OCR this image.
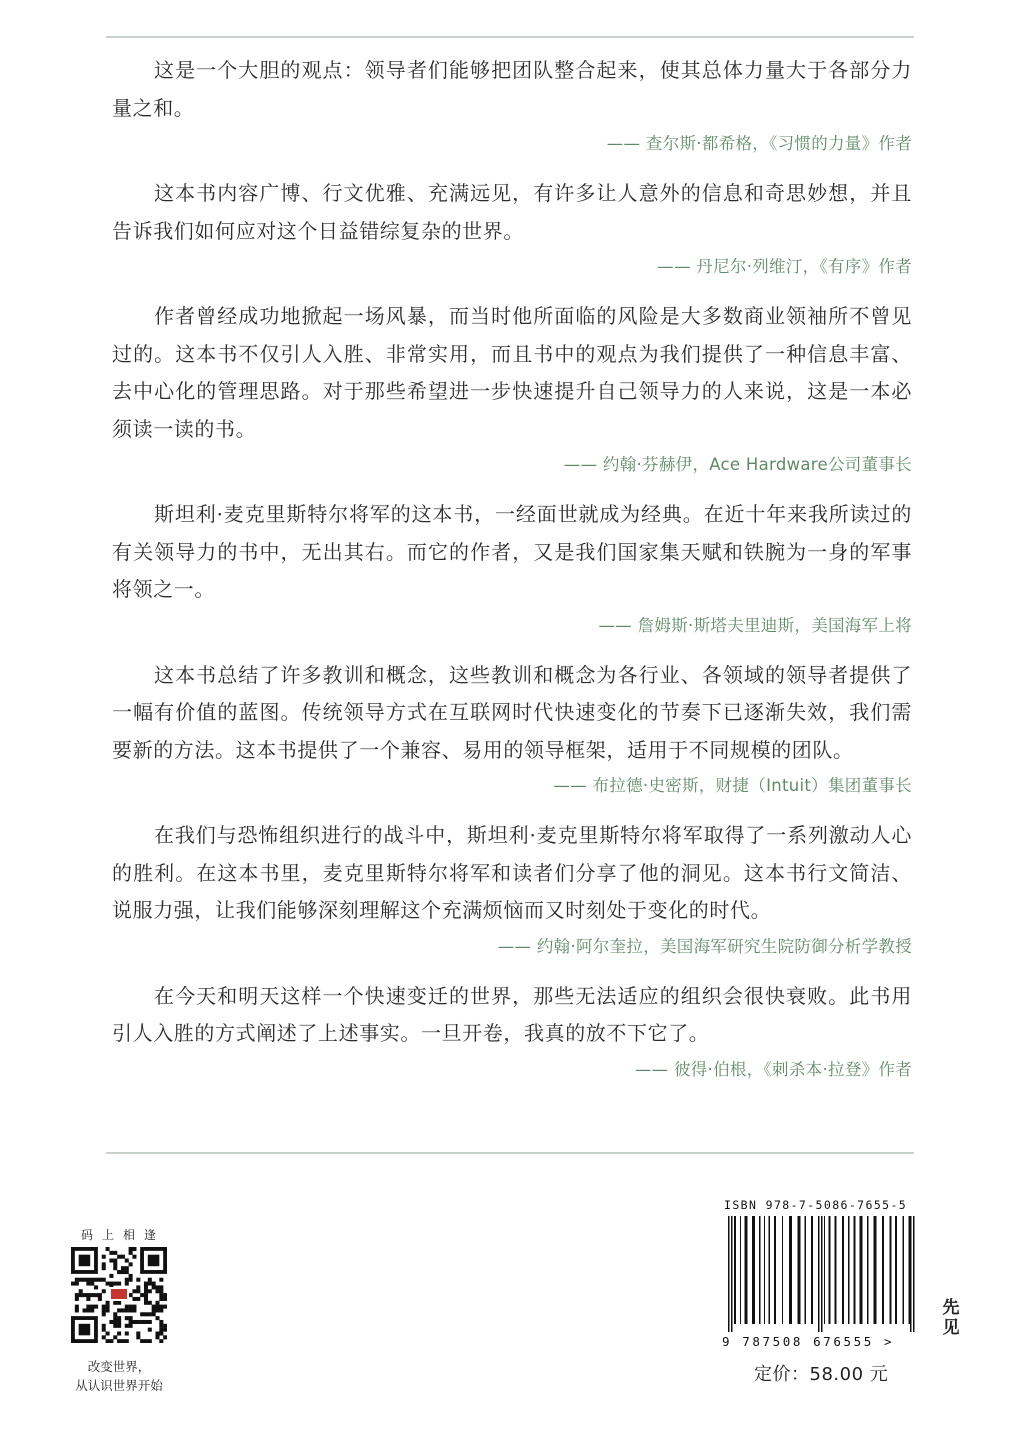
这是一个大胆的观点：领导者们能够把团队整合起来，使其总体力量大于各部分力量之和。

—— 查尔斯·都希格，《习惯的力量》作者

这本书内容广博、行文优雅、充满远见，有许多让人意外的信息和奇思妙想，并且告诉我们如何应对这个日益错综复杂的世界。

—— 丹尼尔·列维汀，《有序》作者

作者曾经成功地掀起一场风暴，而当时他所面临的风险是大多数商业领袖所不曾见过的。这本书不仅引人入胜、非常实用，而且书中的观点为我们提供了一种信息丰富、去中心化的管理思路。对于那些希望进一步快速提升自己领导力的人来说，这是一本必须读一读的书。

—— 约翰·芬赫伊，Ace Hardware公司董事长

斯坦利·麦克里斯特尔将军的这本书，一经面世就成为经典。在近十年来我所读过的有关领导力的书中，无出其右。而它的作者，又是我们国家集天赋和铁腕为一身的军事将领之一。

—— 詹姆斯·斯塔夫里迪斯，美国海军上将

这本书总结了许多教训和概念，这些教训和概念为各行业、各领域的领导者提供了一幅有价值的蓝图。传统领导方式在互联网时代快速变化的节奏下已逐渐失效，我们需要新的方法。这本书提供了一个兼容、易用的领导框架，适用于不同规模的团队。

—— 布拉德·史密斯，财捷（Intuit）集团董事长

在我们与恐怖组织进行的战斗中，斯坦利·麦克里斯特尔将军取得了一系列激动人心的胜利。在这本书里，麦克里斯特尔将军和读者们分享了他的洞见。这本书行文简洁、说服力强，让我们能够深刻理解这个充满烦恼而又时刻处于变化的时代。

—— 约翰·阿尔奎拉，美国海军研究生院防御分析学教授

在今天和明天这样一个快速变迁的世界，那些无法适应的组织会很快衰败。此书用引人入胜的方式阐述了上述事实。一旦开卷，我真的放不下它了。

—— 彼得·伯根，《刺杀本·拉登》作者

码上相逢
改变世界，
从认识世界开始
ISBN 978-7-5086-7655-5
9 787508 676555 >
定价：58.00 元
先见
